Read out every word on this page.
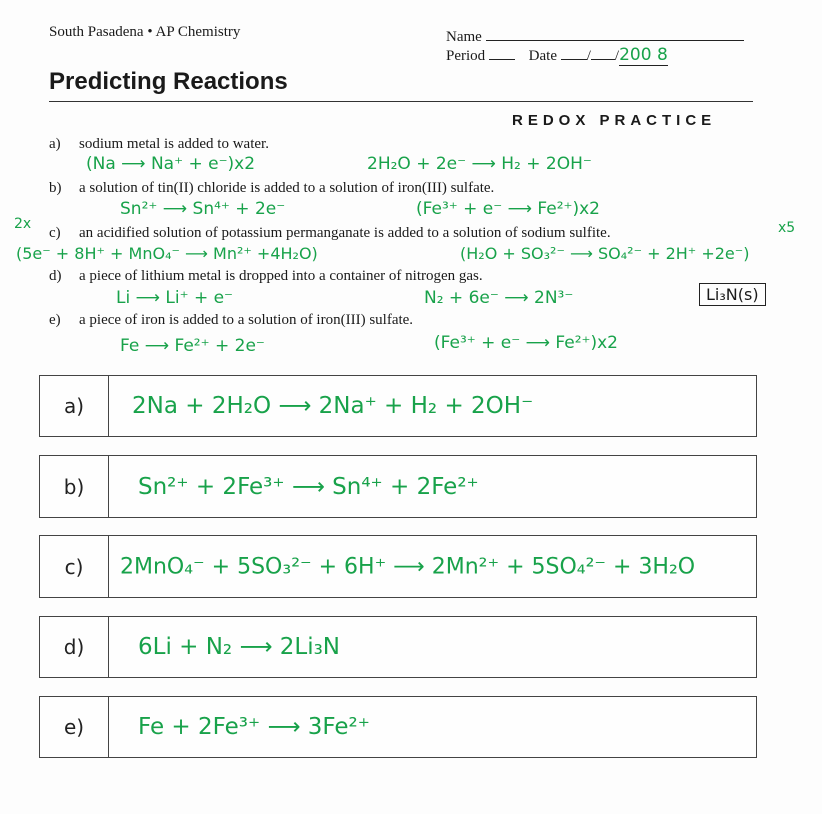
South Pasadena • AP Chemistry	Name
Period	Date / /200 8
Predicting Reactions
REDOX PRACTICE
a) sodium metal is added to water.
(Na ⟶ Na⁺ + e⁻)x2	2H₂O + 2e⁻ ⟶ H₂ + 2OH⁻
b) a solution of tin(II) chloride is added to a solution of iron(III) sulfate.
Sn²⁺ ⟶ Sn⁴⁺ + 2e⁻	(Fe³⁺ + e⁻ ⟶ Fe²⁺)x2
2x	x5
c) an acidified solution of potassium permanganate is added to a solution of sodium sulfite.
(5e⁻ + 8H⁺ + MnO₄⁻ ⟶ Mn²⁺ +4H₂O)	(H₂O + SO₃²⁻ ⟶ SO₄²⁻ + 2H⁺ +2e⁻)
d) a piece of lithium metal is dropped into a container of nitrogen gas.
Li ⟶ Li⁺ + e⁻	N₂ + 6e⁻ ⟶ 2N³⁻	Li₃N(s)
e) a piece of iron is added to a solution of iron(III) sulfate.
Fe ⟶ Fe²⁺ + 2e⁻	(Fe³⁺ + e⁻ ⟶ Fe²⁺)x2
a)	2Na + 2H₂O ⟶ 2Na⁺ + H₂ + 2OH⁻
b)	Sn²⁺ + 2Fe³⁺ ⟶ Sn⁴⁺ + 2Fe²⁺
c)	2MnO₄⁻ + 5SO₃²⁻ + 6H⁺ ⟶ 2Mn²⁺ + 5SO₄²⁻ + 3H₂O
d)	6Li + N₂ ⟶ 2Li₃N
e)	Fe + 2Fe³⁺ ⟶ 3Fe²⁺
